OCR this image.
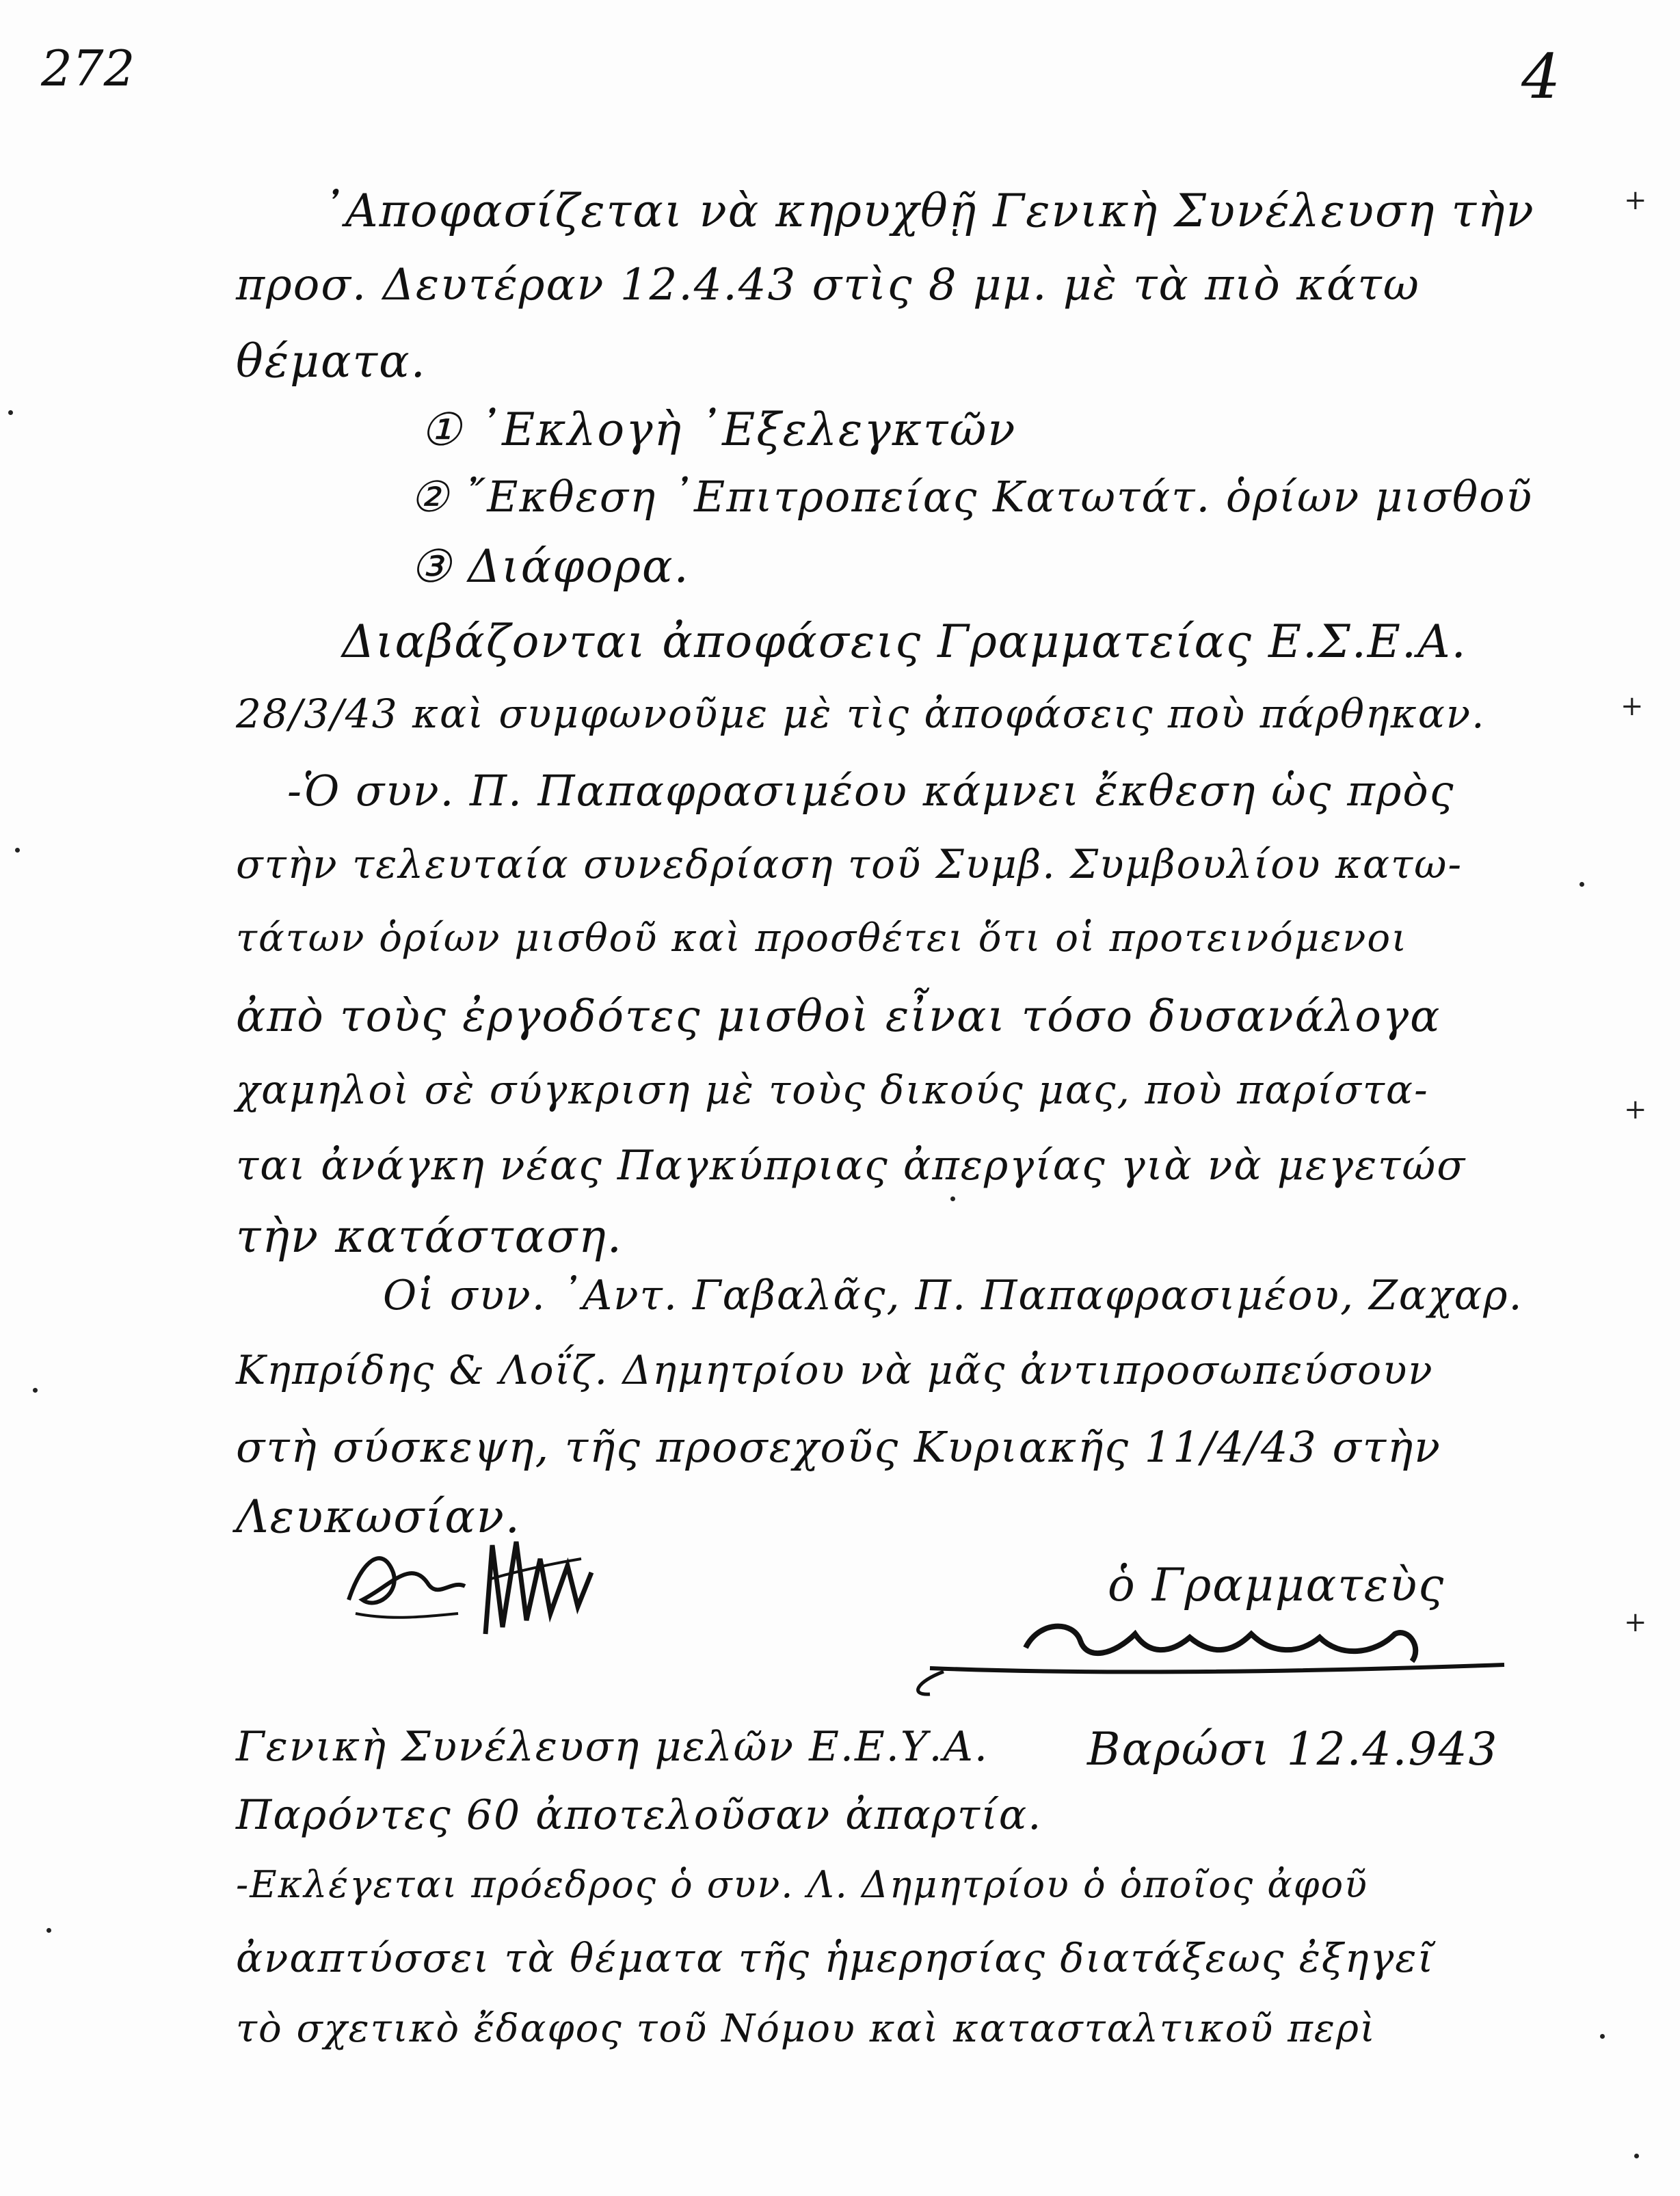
272	4
᾽Αποφασίζεται νὰ κηρυχθῇ Γενικὴ Συνέλευση τὴν
προσ. Δευτέραν 12.4.43 στὶς 8 μμ. μὲ τὰ πιὸ κάτω
θέματα.
① ᾽Εκλογὴ ᾽Εξελεγκτῶν
② ῎Εκθεση ᾽Επιτροπείας Κατωτάτ. ὁρίων μισθοῦ
③ Διάφορα.
Διαβάζονται ἀποφάσεις Γραμματείας Ε.Σ.Ε.Α.
28/3/43 καὶ συμφωνοῦμε μὲ τὶς ἀποφάσεις ποὺ πάρθηκαν.
-Ὁ συν. Π. Παπαφρασιμέου κάμνει ἔκθεση ὡς πρὸς
στὴν τελευταία συνεδρίαση τοῦ Συμβ. Συμβουλίου κατω-
τάτων ὁρίων μισθοῦ καὶ προσθέτει ὅτι οἱ προτεινόμενοι
ἀπὸ τοὺς ἐργοδότες μισθοὶ εἶναι τόσο δυσανάλογα
χαμηλοὶ σὲ σύγκριση μὲ τοὺς δικούς μας, ποὺ παρίστα-
ται ἀνάγκη νέας Παγκύπριας ἀπεργίας γιὰ νὰ μεγετώσ
τὴν κατάσταση.
Οἱ συν. ᾽Αντ. Γαβαλᾶς, Π. Παπαφρασιμέου, Ζαχαρ.
Κηπρίδης & Λοΐζ. Δημητρίου νὰ μᾶς ἀντιπροσωπεύσουν
στὴ σύσκεψη, τῆς προσεχοῦς Κυριακῆς 11/4/43 στὴν
Λευκωσίαν.
ὁ Γραμματεὺς
Γενικὴ Συνέλευση μελῶν Ε.Ε.Υ.Α. Βαρώσι 12.4.943
Παρόντες 60 ἀποτελοῦσαν ἀπαρτία.
-Εκλέγεται πρόεδρος ὁ συν. Λ. Δημητρίου ὁ ὁποῖος ἀφοῦ
ἀναπτύσσει τὰ θέματα τῆς ἡμερησίας διατάξεως ἐξηγεῖ
τὸ σχετικὸ ἔδαφος τοῦ Νόμου καὶ κατασταλτικοῦ περὶ
+
+
+
+
